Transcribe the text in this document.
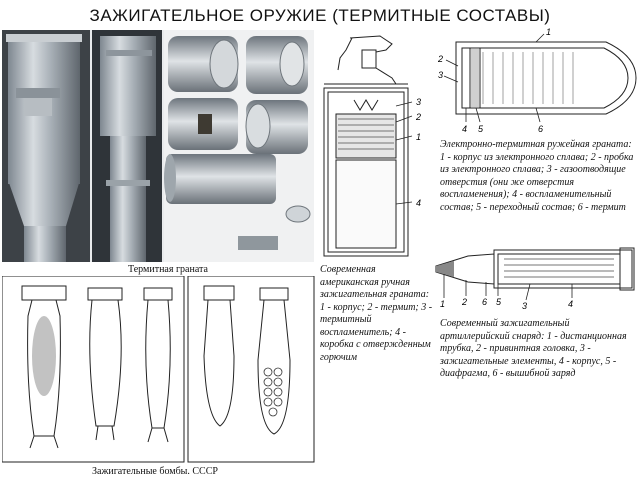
ЗАЖИГАТЕЛЬНОЕ ОРУЖИЕ (ТЕРМИТНЫЕ СОСТАВЫ)
Термитная граната
3
2
1
4
1
2
3
4 5	6
Электронно-термитная ружейная граната: 1 - корпус из электронного сплава; 2 - пробка из электронного сплава; 3 - газоотводящие отверстия (они же отверстия воспламенения); 4 - воспламенительный состав; 5 - переходный состав; 6 - термит
1 2 6 5 3	4
Современный зажигательный артиллерийский снаряд: 1 - дистанционная трубка, 2 - привинтная головка, 3 - зажигательные элементы, 4 - корпус, 5 - диафрагма, 6 - вышибной заряд
Современная американская ручная зажигательная граната: 1 - корпус; 2 - термит; 3 - термитный воспламенитель; 4 - коробка с отвержденным горючим
Зажигательные бомбы. СССР
